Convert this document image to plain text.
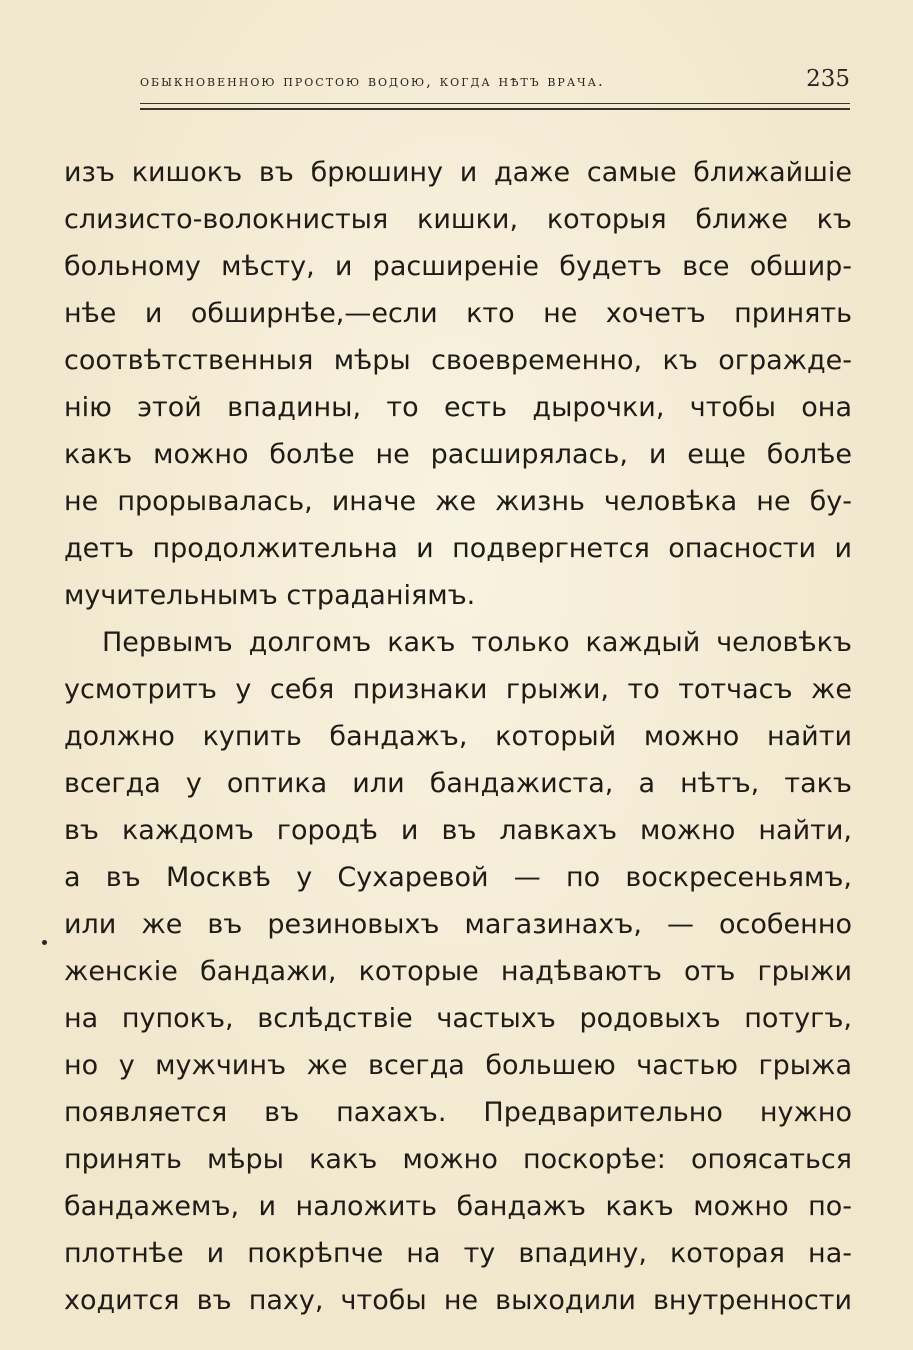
обыкновенною простою водою, когда нѣтъ врача.	235
изъ кишокъ въ брюшину и даже самые ближайшіе
слизисто-волокнистыя кишки, которыя ближе къ
больному мѣсту, и расширеніе будетъ все обшир-
нѣе и обширнѣе,—если кто не хочетъ принять
соотвѣтственныя мѣры своевременно, къ огражде-
нію этой впадины, то есть дырочки, чтобы она
какъ можно болѣе не расширялась, и еще болѣе
не прорывалась, иначе же жизнь человѣка не бу-
детъ продолжительна и подвергнется опасности и
мучительнымъ страданіямъ.
Первымъ долгомъ какъ только каждый человѣкъ
усмотритъ у себя признаки грыжи, то тотчасъ же
должно купить бандажъ, который можно найти
всегда у оптика или бандажиста, а нѣтъ, такъ
въ каждомъ городѣ и въ лавкахъ можно найти,
а въ Москвѣ у Сухаревой — по воскресеньямъ,
или же въ резиновыхъ магазинахъ, — особенно
женскіе бандажи, которые надѣваютъ отъ грыжи
на пупокъ, вслѣдствіе частыхъ родовыхъ потугъ,
но у мужчинъ же всегда большею частью грыжа
появляется въ пахахъ. Предварительно нужно
принять мѣры какъ можно поскорѣе: опоясаться
бандажемъ, и наложить бандажъ какъ можно по-
плотнѣе и покрѣпче на ту впадину, которая на-
ходится въ паху, чтобы не выходили внутренности
